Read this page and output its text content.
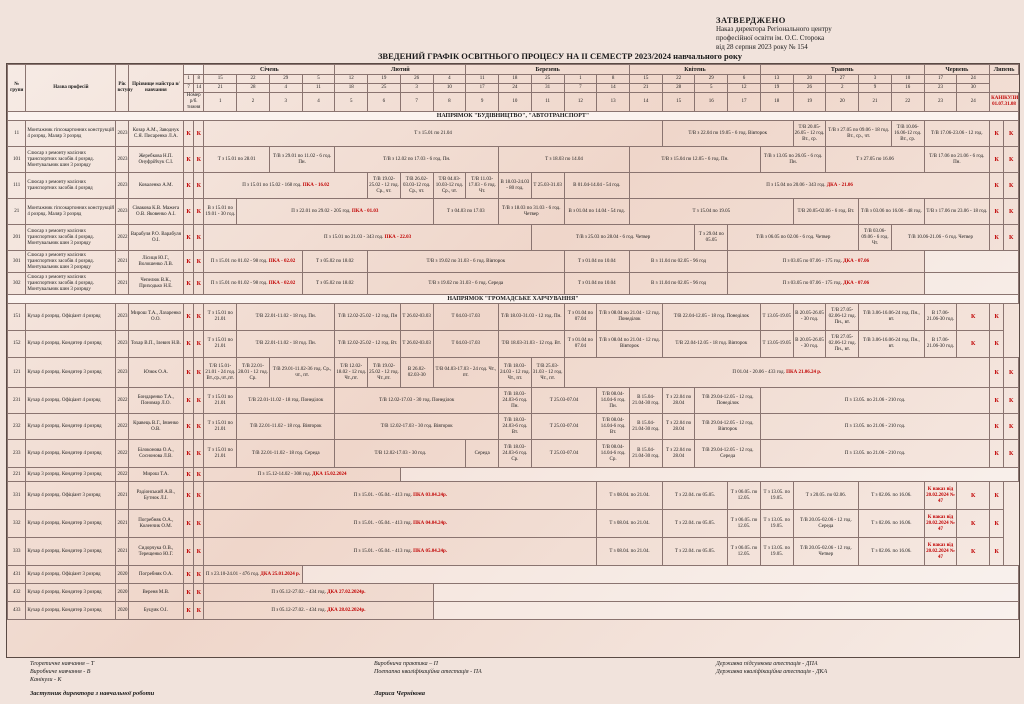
ЗАТВЕРДЖЕНО
Наказ директора Регіонального центру
професійної освіти ім. О.С. Сторока
від 28 серпня 2023 року № 154
ЗВЕДЕНИЙ ГРАФІК ОСВІТНЬОГО ПРОЦЕСУ НА ІІ СЕМЕСТР 2023/2024 навчального року
№ групи	Назва професій	Рік вступу	Прізвище майстра в/навчання			Січень				Лютий				Березень					Квітень				Травень					Червень		Липень	
				1	8	15	22	29	5	12	19	26	4	11	18	25	1	8	15	22	29	6	13	20	27	3	10	17	24		
				7	14	21	28	4	11	18	25	3	10	17	24	31	7	14	21	28	5	12	19	26	2	9	16	23	30		
				Номер р/б. тижня		1	2	3	4	5	6	7	8	9	10	11	12	13	14	15	16	17	18	19	20	21	22	23	24	КАНІКУЛИ 01.07.31.08	
НАПРЯМОК "БУДІВНИЦТВО", "АВТОТРАНСПОРТ"																															
11	Монтажник гіпсокартонних конструкцій 4 розряд. Маляр 3 розряд	2023	Козар А.М., Заводнук С.Я. Писаренко Л.А.	К	К	Т з 15.01 по 21.04														Т/В з 22.04 по 19.05 - 6 год. Вівторок				Т/В 20.05-26.05 - 12 год. Вт., ср.	Т/В з 27.05 по 09.06 - 18 год. Вт., ср., чт.		Т/В 10.06-16.06-12 год. Вт., ср.	Т/В 17.06-23.06 - 12 год.		К	К
101	Слюсар з ремонту колісних транспортних засобів 4 розряд. Монтувальник шин 3 розряду	2023	Жеребкова Н.П. Онуфрійчук С.І.	К	К	Т з 15.01 по 28.01		Т/В з 29.01 по 11.02 - 6 год. Пн.		Т/В з 12.02 по 17.03 - 6 год. Пн.					Т з 18.03 по 14.04				Т/В з 15.04 по 12.05 - 6 год. Пн.				Т/В з 13.05 по 26.05 - 6 год. Пн.		Т з 27.05 по 16.06			Т/В 17.06 по 21.06 - 6 год. Пн.		К	К
111	Слюсар з ремонту колісних транспортних засобів 4 розряд	2023	Коваленко А.М.	К	К	П з 15.01 по 15.02 - 168 год. ПКА - 16.02					Т/В 19.02-25.02 - 12 год. Ср., чт.	Т/В 26.02-03.03-12 год. Ср., чт.	Т/В 04.03-10.03-12 год. Ср., чт.	Т/В 11.03-17.03 - 6 год. Чт.	В 18.03-24.03 - 80 год.	Т 25.03-31.03	В 01.04-14.04 - 54 год.		П з 15.04 по 20.06 - 343 год. ДКА - 21.06											К	К
21	Монтажник гіпсокартонних конструкцій 4 розряд. Маляр 3 розряд	2023	Сівакова К.В. Мажега О.В. Яковенко А.І.	К	К	В з 15.01 по 19.01 - 30 год.	П з 22.01 по 29.02 - 205 год. ПКА - 01.03						Т з 04.03 по 17.03		Т/В з 18.03 по 31.03 - 6 год. Четвер		В з 01.04 по 14.04 - 54 год.		Т з 15.04 по 19.05					Т/В 20.05-02.06 - 6 год. Вт.		Т/В з 03.06 по 16.06 - 48 год.		Т/В з 17.06 по 23.06 - 18 год.		К	К
201	Слюсар з ремонту колісних транспортних засобів 4 розряд. Монтувальник шин 3 розряду	2022	Варабуля Р.О. Варабуля О.І.	К	К	П з 15.01 по 21.03 - 343 год. ПКА - 22.03										Т/В з 25.03 по 28.04 - 6 год. Четвер					Т з 29.04 по 05.05	Т/В з 06.05 по 02.06 - 6 год. Четвер				Т/В 03.06-09.06 - 6 год. Чт.	Т/В 10.06-21.06 - 6 год. Четвер			К	К
301	Слюсар з ремонту колісних транспортних засобів 4 розряд. Монтувальник шин 3 розряду	2021	Лісиця Ю.Г., Волошенко Л.В.	К	К	П з 15.01 по 01.02 - 98 год. ПКА - 02.02			Т з 05.02 по 18.02		Т/В з 19.02 по 31.03 - 6 год. Вівторок						Т з 01.04 по 10.04		В з 11.04 по 02.05 - 96 год			П з 03.05 по 07.06 - 175 год. ДКА - 07.06									
302	Слюсар з ремонту колісних транспортних засобів 4 розряд. Монтувальник шин 3 розряду	2021	Чепелюк В.К., Приходько Н.Е.	К	К	П з 15.01 по 01.02 - 98 год. ПКА - 02.02			Т з 05.02 по 18.02		Т/В з 19.02 по 31.03 - 6 год. Середа						Т з 01.04 по 10.04		В з 11.04 по 02.05 - 96 год			П з 03.05 по 07.06 - 175 год. ДКА - 07.06									
НАПРЯМОК "ГРОМАДСЬКЕ ХАРЧУВАННЯ"																															
151	Кухар 4 розряд. Офіціант 4 розряд	2023	Мирош Т.А., Лазаренко О.О.	К	К	Т з 15.01 по 21.01	Т/В 22.01-11.02 - 18 год. Пн.			Т/В 12.02-25.02 - 12 год. Пн		Т 26.02-03.03	Т 04.03-17.03		Т/В 18.03-31.03 - 12 год. Пн.		Т з 01.04 по 07.04	Т/В з 08.04 по 21.04 - 12 год. Понеділок		Т/В 22.04-12.05 - 18 год. Понеділок			Т 13.05-19.05	В 20.05-26.05 - 30 год.	Т/В 27.05-02.06-12 год. Пн., вт.	Т/В 3.06-16.06-24 год. Пн., вт.		В 17.06-21.06-30 год.	К	К	
152	Кухар 4 розряд. Кондитер 4 розряд	2023	Тохар В.П., Ілевич Н.В.	К	К	Т з 15.01 по 21.01	Т/В 22.01-11.02 - 18 год. Пн.			Т/В 12.02-25.02 - 12 год. Вт.		Т 26.02-03.03	Т 04.03-17.03		Т/В 18.03-31.03 - 12 год. Вт.		Т з 01.04 по 07.04	Т/В з 08.04 по 21.04 - 12 год. Вівторок		Т/В 22.04-12.05 - 18 год. Вівторок			Т 13.05-19.05	В 20.05-26.05 - 30 год.	Т/В 27.05-02.06-12 год. Пн., вт.	Т/В 3.06-16.06-24 год. Пн., вт.		В 17.06-21.06-30 год.	К	К	
121	Кухар 4 розряд. Кондитер 3 розряд	2023	Юзюк О.А.	К	К	Т/В 15.01-21.01 - 24 год. Вт.,ср.,чт.,пт.	Т/В 22.01-28.01 - 12 год. Ср.	Т/В 29.01-11.02-36 год. Ср., чт., пт.		Т/В 12.02-18.02 - 12 год. Чт.,пт.	Т/В 19.02-25.02 - 12 год. Чт.,пт.	В 26.02-02.03-30	Т/В 04.03-17.03 - 24 год. Чт., пт.		Т/В 18.03-24.03 - 12 год. Чт., пт.	Т/В 25.03-31.03 - 12 год. Чт., пт.	П 01.04 - 20.06 - 433 год. ПКА 21.06.24 р.													К	К
231	Кухар 4 розряд. Офіціант 4 розряд	2022	Бондаренко Т.А., Пономар Л.О.	К	К	Т з 15.01 по 21.01	Т/В 22.01-11.02 - 18 год. Понеділок			Т/В 12.02-17.03 - 30 год. Понеділок					Т/В 18.03-24.03-6 год. Пн.	Т 25.03-07.04		Т/В 08.04-14.04-6 год. Пн.	В 15.04-21.04-30 год.	Т з 22.04 по 28.04	Т/В 29.04-12.05 - 12 год. Понеділок		П з 13.05. по 21.06 - 210 год.							К	К
232	Кухар 4 розряд. Кондитер 4 розряд	2022	Кравець В.Г., Івченко О.В.	К	К	Т з 15.01 по 21.01	Т/В 22.01-11.02 - 18 год. Вівторок			Т/В 12.02-17.03 - 30 год. Вівторок					Т/В 18.03-24.03-6 год. Вт.	Т 25.03-07.04		Т/В 08.04-14.04-6 год. Вт.	В 15.04-21.04-30 год.	Т з 22.04 по 28.04	Т/В 29.04-12.05 - 12 год. Вівторок		П з 13.05. по 21.06 - 210 год.							К	К
233	Кухар 4 розряд. Кондитер 4 розряд	2022	Білоконова О.А., Соснонова Л.В.	К	К	Т з 15.01 по 21.01	Т/В 22.01-11.02 - 18 год. Середа			Т/В 12.02-17.03 - 30 год.				Середа	Т/В 18.03-24.03-6 год. Ср.	Т 25.03-07.04		Т/В 08.04-14.04-6 год. Ср.	В 15.04-21.04-30 год.	Т з 22.04 по 28.04	Т/В 29.04-12.05 - 12 год. Середа		П з 13.05. по 21.06 - 210 год.							К	К
221	Кухар 3 розряд. Кондитер 3 розряд	2022	Мирош Т.А.	К	К	П з 15.12-14.02 - 308 год. ДКА 15.02.2024																									
331	Кухар 4 розряд. Офіціант 3 розряд	2021	Радіонський А.В., Бутнок Л.І.	К	К	П з 15.01. - 05.04. - 413 год. ПКА 03.04.24р.												Т з 08.04. по 21.04.		Т з 22.04. по 05.05.		Т з 06.05. по 12.05.	Т з 13.05. по 19.05.	Т з 20.05. по 02.06.		Т з 02.06. по 16.06.		К наказ від 20.02.2024 № 47	К	К	
332	Кухар 4 розряд. Кондитер 3 розряд	2021	Погребняк О.А., Коленчик О.М.	К	К	П з 15.01. - 05.04. - 413 год. ПКА 04.04.24р.												Т з 08.04. по 21.04.		Т з 22.04. по 05.05.		Т з 06.05. по 12.05.	Т з 13.05. по 19.05.	Т/В 20.05-02.06 - 12 год. Середа		Т з 02.06. по 16.06.		К наказ від 20.02.2024 № 47	К	К	
333	Кухар 4 розряд. Кондитер 3 розряд	2021	Сидорчука О.В., Терещенко Ю.Г.	К	К	П з 15.01. - 05.04. - 413 год. ПКА 05.04.24р.												Т з 08.04. по 21.04.		Т з 22.04. по 05.05.		Т з 06.05. по 12.05.	Т з 13.05. по 19.05.	Т/В 20.05-02.06 - 12 год. Четвер		Т з 02.06. по 16.06.		К наказ від 20.02.2024 № 47	К	К	
431	Кухар 4 розряд. Офіціант 3 розряд	2020	Погребняк О.А.	К	К	П з 23.10-24.01 - 476 год. ДКА 25.01.2024 р.																									
432	Кухар 4 розряд. Кондитер 3 розряд	2020	Вереня М.В.	К	К	П з 05.12-27.02. - 434 год. ДКА 27.02.2024р.																									
433	Кухар 4 розряд. Кондитер 3 розряд	2020	Буцуяк О.І.	К	К	П з 05.12-27.02. - 434 год. ДКА 28.02.2024р.																									
Теоретичне навчання – Т
Виробниче навчання - В
Канікули - К
Виробнича практика – П
Поетапна кваліфікаційна атестація - ПА
Державна підсумкова атестація - ДПА
Державна кваліфікаційна атестація - ДКА
Заступник директора з навчальної роботи	Лариса Чернікова
